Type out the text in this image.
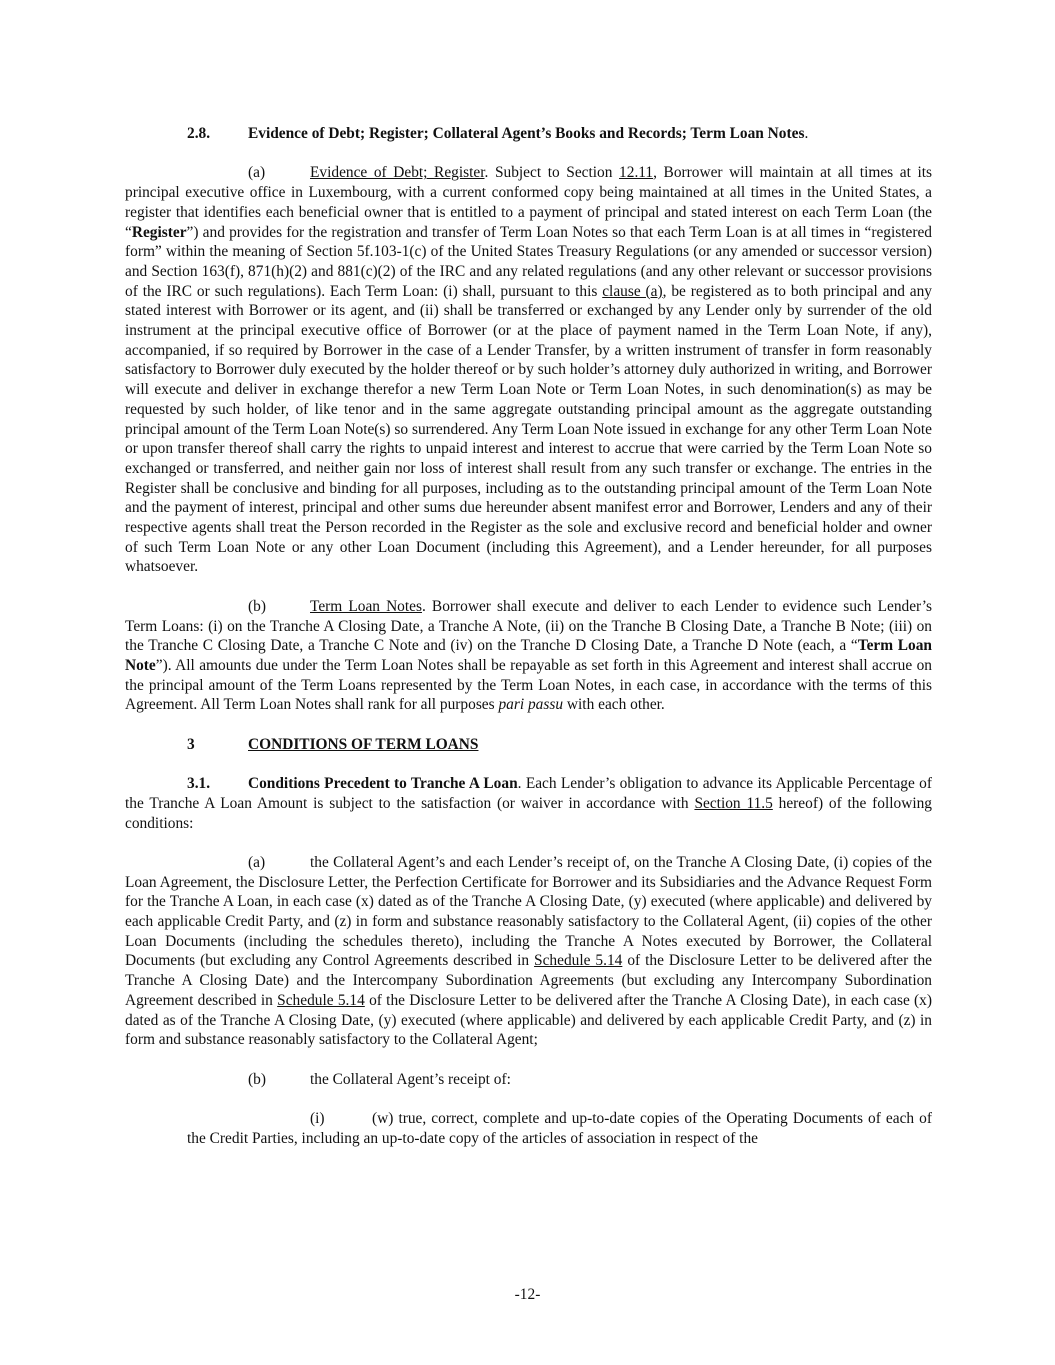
2.8. Evidence of Debt; Register; Collateral Agent’s Books and Records; Term Loan Notes.

(a)	Evidence of Debt; Register. Subject to Section 12.11, Borrower will maintain at all times at its principal executive office in Luxembourg, with a current conformed copy being maintained at all times in the United States, a register that identifies each beneficial owner that is entitled to a payment of principal and stated interest on each Term Loan (the “Register”) and provides for the registration and transfer of Term Loan Notes so that each Term Loan is at all times in “registered form” within the meaning of Section 5f.103-1(c) of the United States Treasury Regulations (or any amended or successor version) and Section 163(f), 871(h)(2) and 881(c)(2) of the IRC and any related regulations (and any other relevant or successor provisions of the IRC or such regulations). Each Term Loan: (i) shall, pursuant to this clause (a), be registered as to both principal and any stated interest with Borrower or its agent, and (ii) shall be transferred or exchanged by any Lender only by surrender of the old instrument at the principal executive office of Borrower (or at the place of payment named in the Term Loan Note, if any), accompanied, if so required by Borrower in the case of a Lender Transfer, by a written instrument of transfer in form reasonably satisfactory to Borrower duly executed by the holder thereof or by such holder’s attorney duly authorized in writing, and Borrower will execute and deliver in exchange therefor a new Term Loan Note or Term Loan Notes, in such denomination(s) as may be requested by such holder, of like tenor and in the same aggregate outstanding principal amount as the aggregate outstanding principal amount of the Term Loan Note(s) so surrendered. Any Term Loan Note issued in exchange for any other Term Loan Note or upon transfer thereof shall carry the rights to unpaid interest and interest to accrue that were carried by the Term Loan Note so exchanged or transferred, and neither gain nor loss of interest shall result from any such transfer or exchange. The entries in the Register shall be conclusive and binding for all purposes, including as to the outstanding principal amount of the Term Loan Note and the payment of interest, principal and other sums due hereunder absent manifest error and Borrower, Lenders and any of their respective agents shall treat the Person recorded in the Register as the sole and exclusive record and beneficial holder and owner of such Term Loan Note or any other Loan Document (including this Agreement), and a Lender hereunder, for all purposes whatsoever.

(b)	Term Loan Notes. Borrower shall execute and deliver to each Lender to evidence such Lender’s Term Loans: (i) on the Tranche A Closing Date, a Tranche A Note, (ii) on the Tranche B Closing Date, a Tranche B Note; (iii) on the Tranche C Closing Date, a Tranche C Note and (iv) on the Tranche D Closing Date, a Tranche D Note (each, a “Term Loan Note”). All amounts due under the Term Loan Notes shall be repayable as set forth in this Agreement and interest shall accrue on the principal amount of the Term Loans represented by the Term Loan Notes, in each case, in accordance with the terms of this Agreement. All Term Loan Notes shall rank for all purposes pari passu with each other.

3	CONDITIONS OF TERM LOANS

3.1. Conditions Precedent to Tranche A Loan. Each Lender’s obligation to advance its Applicable Percentage of the Tranche A Loan Amount is subject to the satisfaction (or waiver in accordance with Section 11.5 hereof) of the following conditions:

(a)	the Collateral Agent’s and each Lender’s receipt of, on the Tranche A Closing Date, (i) copies of the Loan Agreement, the Disclosure Letter, the Perfection Certificate for Borrower and its Subsidiaries and the Advance Request Form for the Tranche A Loan, in each case (x) dated as of the Tranche A Closing Date, (y) executed (where applicable) and delivered by each applicable Credit Party, and (z) in form and substance reasonably satisfactory to the Collateral Agent, (ii) copies of the other Loan Documents (including the schedules thereto), including the Tranche A Notes executed by Borrower, the Collateral Documents (but excluding any Control Agreements described in Schedule 5.14 of the Disclosure Letter to be delivered after the Tranche A Closing Date) and the Intercompany Subordination Agreements (but excluding any Intercompany Subordination Agreement described in Schedule 5.14 of the Disclosure Letter to be delivered after the Tranche A Closing Date), in each case (x) dated as of the Tranche A Closing Date, (y) executed (where applicable) and delivered by each applicable Credit Party, and (z) in form and substance reasonably satisfactory to the Collateral Agent;

(b)	the Collateral Agent’s receipt of:

(i)	(w) true, correct, complete and up-to-date copies of the Operating Documents of each of the Credit Parties, including an up-to-date copy of the articles of association in respect of the

-12-
